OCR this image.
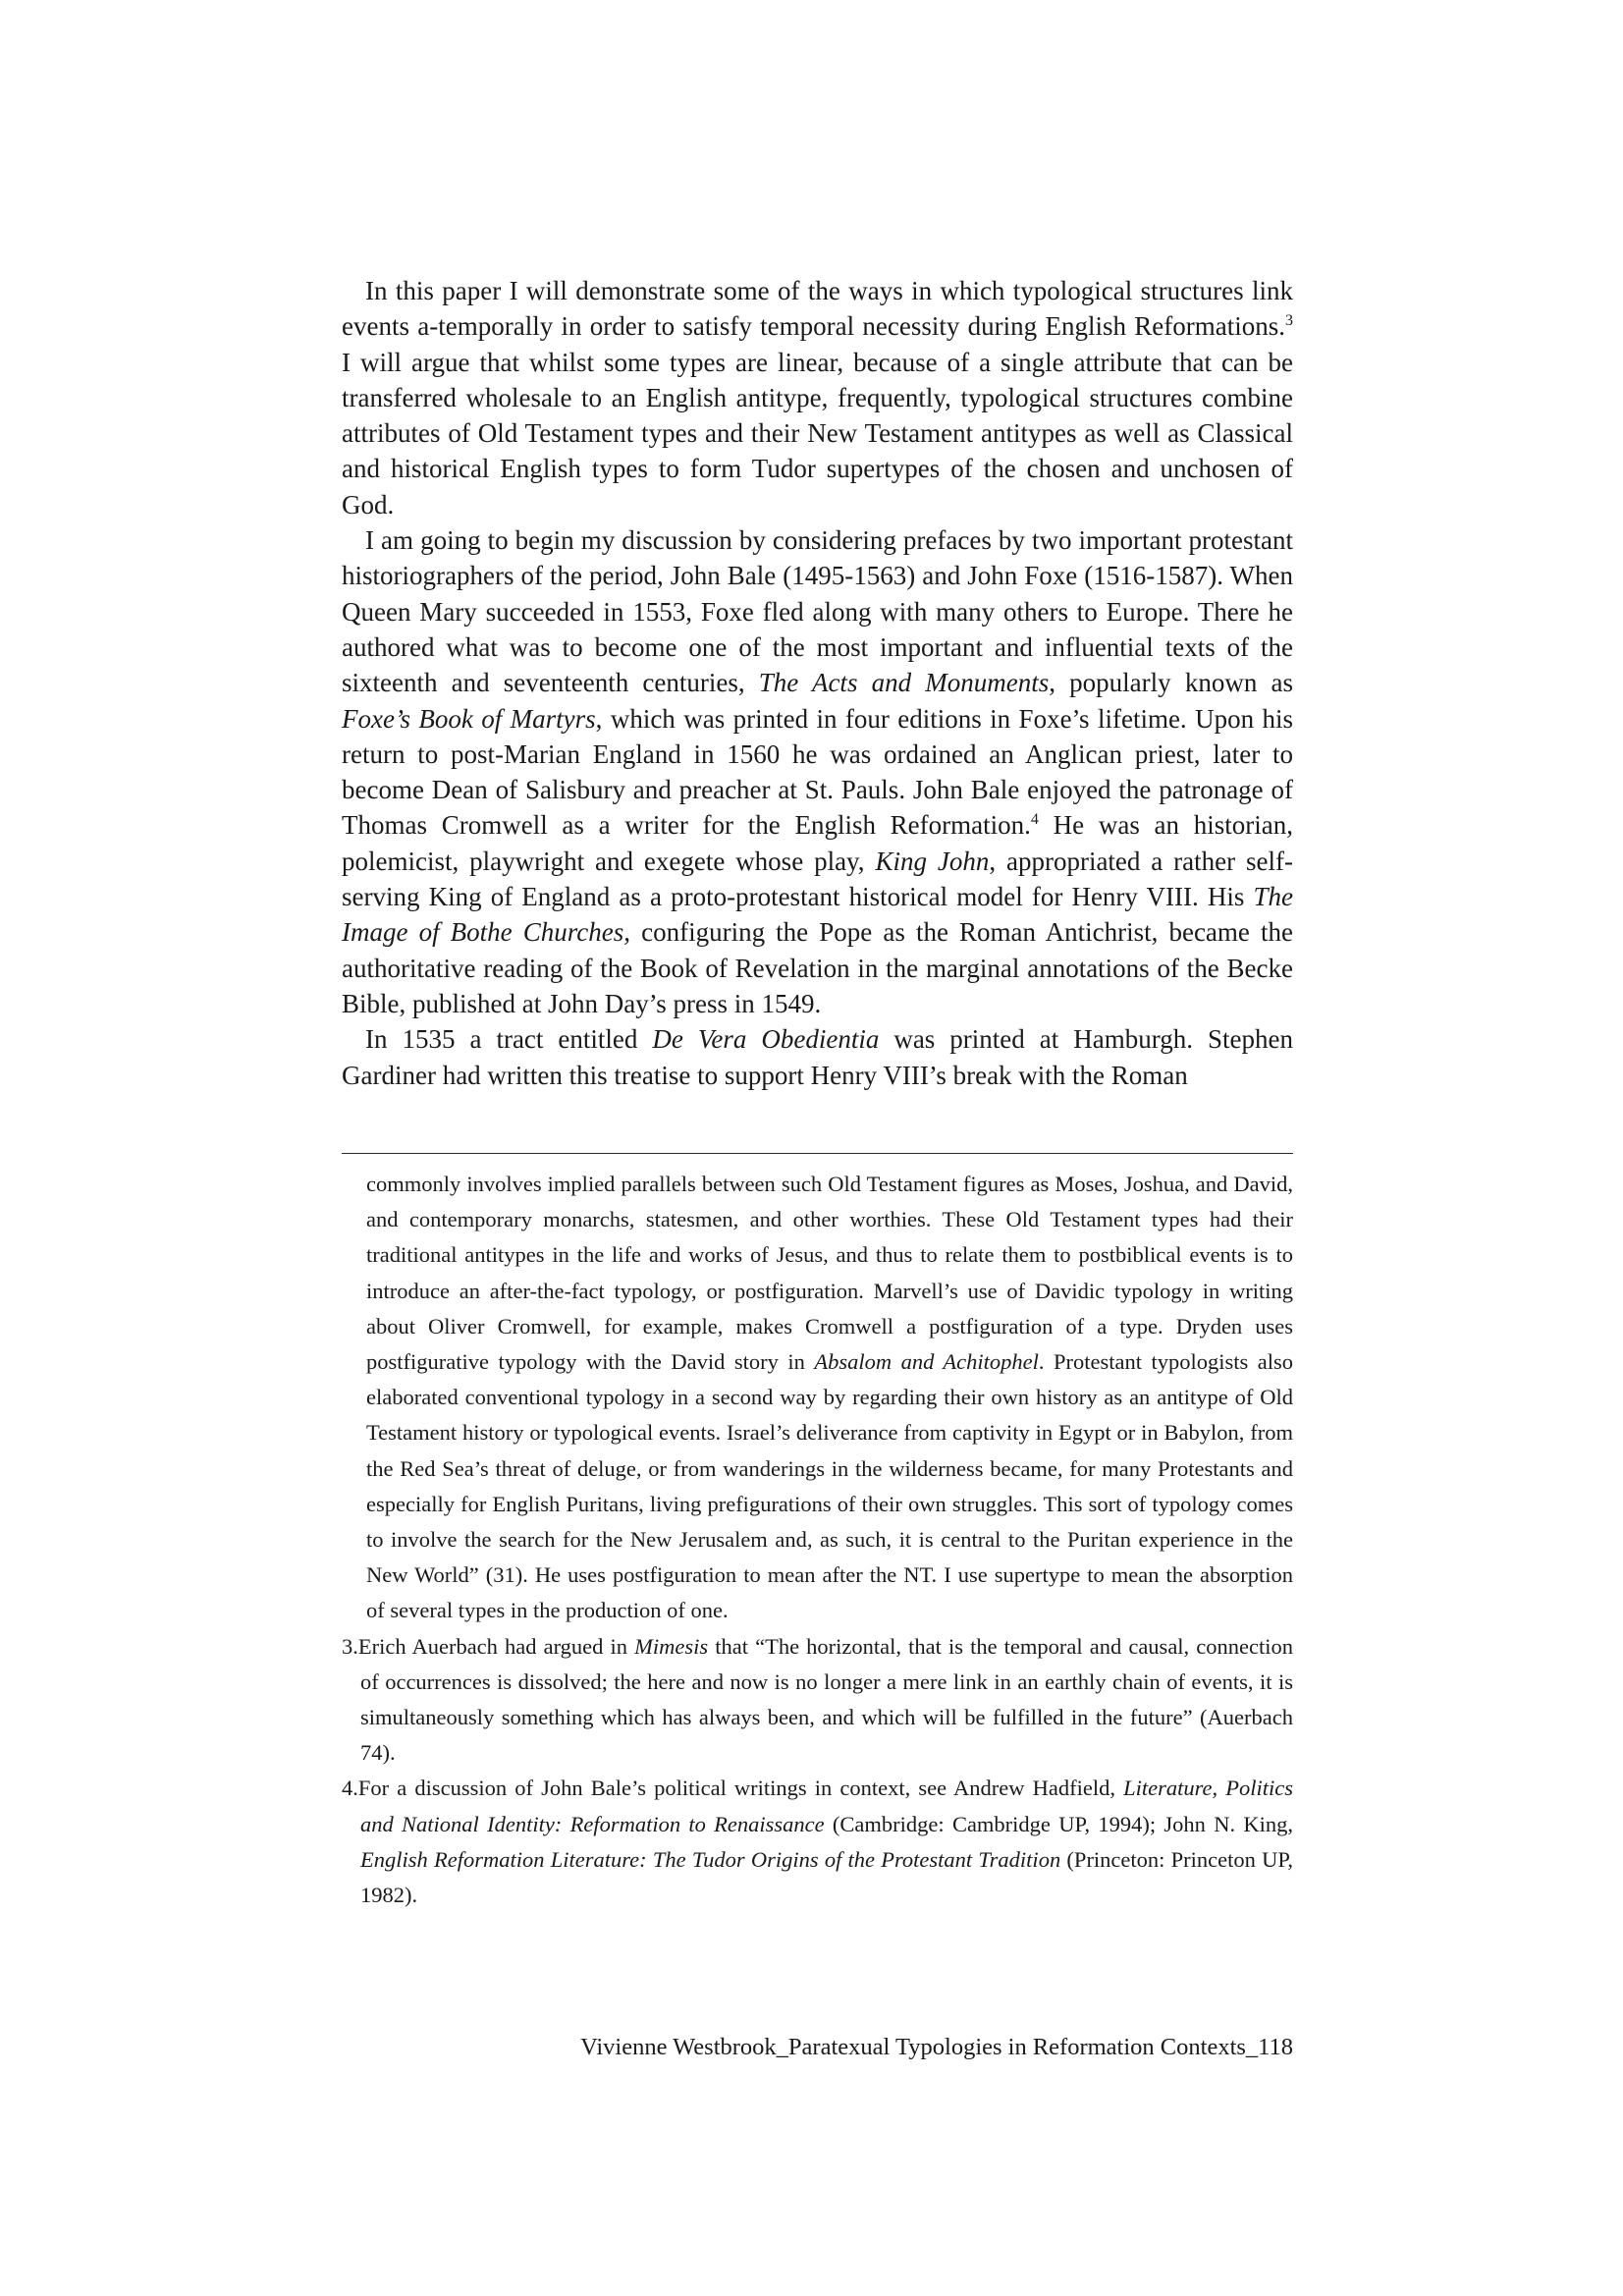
In this paper I will demonstrate some of the ways in which typological structures link events a-temporally in order to satisfy temporal necessity during English Reformations.$^3$ I will argue that whilst some types are linear, because of a single attribute that can be transferred wholesale to an English antitype, frequently, typological structures combine attributes of Old Testament types and their New Testament antitypes as well as Classical and historical English types to form Tudor supertypes of the chosen and unchosen of God.

I am going to begin my discussion by considering prefaces by two important protestant historiographers of the period, John Bale (1495-1563) and John Foxe (1516-1587). When Queen Mary succeeded in 1553, Foxe fled along with many others to Europe. There he authored what was to become one of the most important and influential texts of the sixteenth and seventeenth centuries, The Acts and Monuments, popularly known as Foxe’s Book of Martyrs, which was printed in four editions in Foxe’s lifetime. Upon his return to post-Marian England in 1560 he was ordained an Anglican priest, later to become Dean of Salisbury and preacher at St. Pauls. John Bale enjoyed the patronage of Thomas Cromwell as a writer for the English Reformation.$^4$ He was an historian, polemicist, playwright and exegete whose play, King John, appropriated a rather self-serving King of England as a proto-protestant historical model for Henry VIII. His The Image of Bothe Churches, configuring the Pope as the Roman Antichrist, became the authoritative reading of the Book of Revelation in the marginal annotations of the Becke Bible, published at John Day’s press in 1549.

In 1535 a tract entitled De Vera Obedientia was printed at Hamburgh. Stephen Gardiner had written this treatise to support Henry VIII’s break with the Roman

commonly involves implied parallels between such Old Testament figures as Moses, Joshua, and David, and contemporary monarchs, statesmen, and other worthies. These Old Testament types had their traditional antitypes in the life and works of Jesus, and thus to relate them to postbiblical events is to introduce an after-the-fact typology, or postfiguration. Marvell’s use of Davidic typology in writing about Oliver Cromwell, for example, makes Cromwell a postfiguration of a type. Dryden uses postfigurative typology with the David story in Absalom and Achitophel. Protestant typologists also elaborated conventional typology in a second way by regarding their own history as an antitype of Old Testament history or typological events. Israel’s deliverance from captivity in Egypt or in Babylon, from the Red Sea’s threat of deluge, or from wanderings in the wilderness became, for many Protestants and especially for English Puritans, living prefigurations of their own struggles. This sort of typology comes to involve the search for the New Jerusalem and, as such, it is central to the Puritan experience in the New World” (31). He uses postfiguration to mean after the NT. I use supertype to mean the absorption of several types in the production of one.

3.Erich Auerbach had argued in Mimesis that “The horizontal, that is the temporal and causal, connection of occurrences is dissolved; the here and now is no longer a mere link in an earthly chain of events, it is simultaneously something which has always been, and which will be fulfilled in the future” (Auerbach 74).

4.For a discussion of John Bale’s political writings in context, see Andrew Hadfield, Literature, Politics and National Identity: Reformation to Renaissance (Cambridge: Cambridge UP, 1994); John N. King, English Reformation Literature: The Tudor Origins of the Protestant Tradition (Princeton: Princeton UP, 1982).

Vivienne Westbrook_Paratexual Typologies in Reformation Contexts_118
